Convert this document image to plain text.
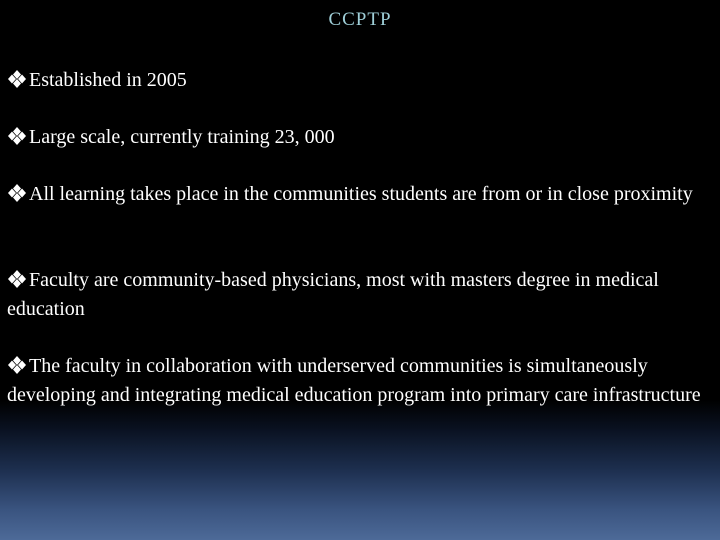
CCPTP

Established in 2005

Large scale, currently training 23, 000

All learning takes place in the communities students are from or in close proximity

Faculty are community-based physicians, most with masters degree in medical education

The faculty in collaboration with underserved communities is simultaneously developing and integrating medical education program into primary care infrastructure
